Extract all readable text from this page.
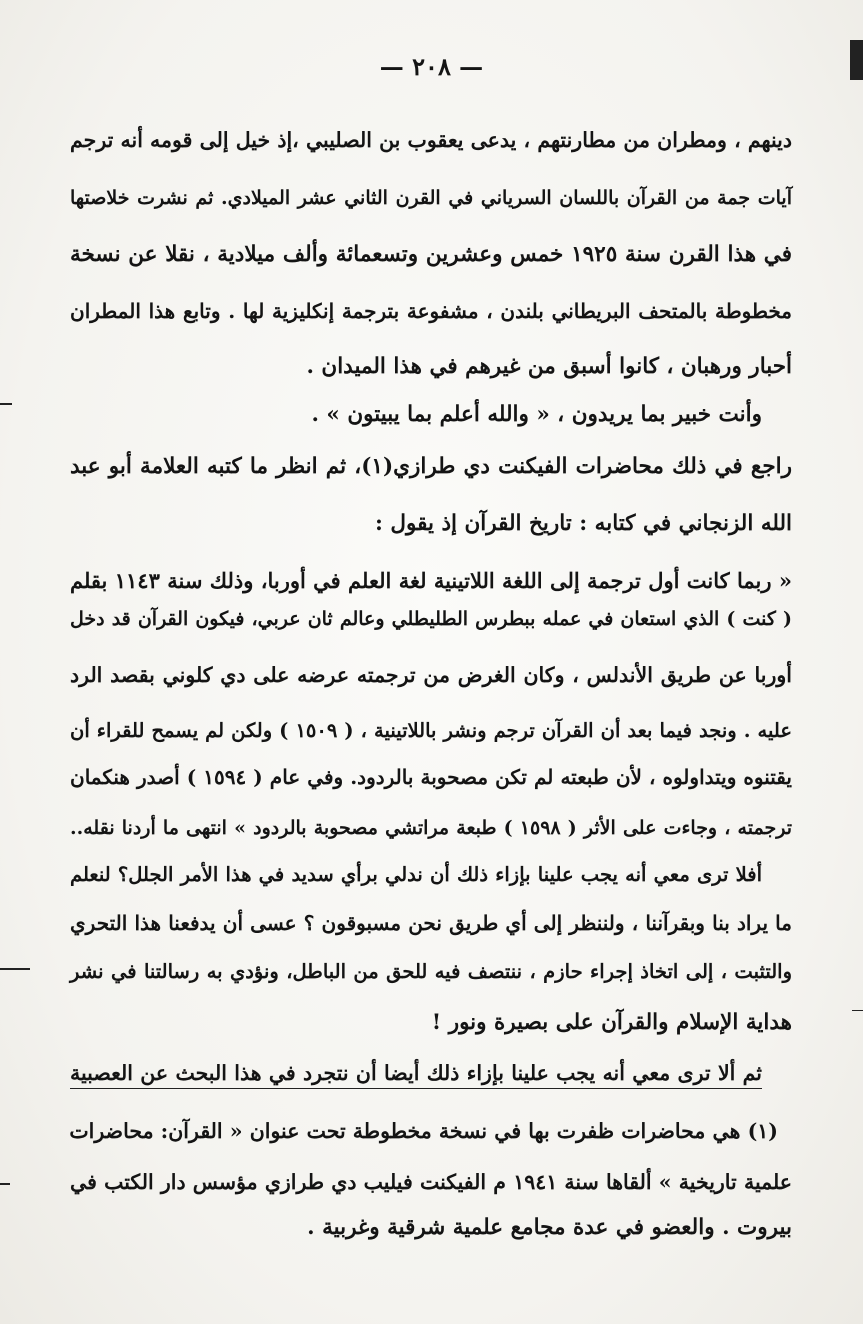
— ٢٠٨ —
دينهم ، ومطران من مطارنتهم ، يدعى يعقوب بن الصليبي ،إذ خيل إلى قومه أنه ترجم
آيات جمة من القرآن باللسان السرياني في القرن الثاني عشر الميلادي. ثم نشرت خلاصتها
في هذا القرن سنة ١٩٢٥ خمس وعشرين وتسعمائة وألف ميلادية ، نقلا عن نسخة
مخطوطة بالمتحف البريطاني بلندن ، مشفوعة بترجمة إنكليزية لها . وتابع هذا المطران
أحبار ورهبان ، كانوا أسبق من غيرهم في هذا الميدان .
وأنت خبير بما يريدون ، « والله أعلم بما يبيتون » .
راجع في ذلك محاضرات الفيكنت دي طرازي(١)، ثم انظر ما كتبه العلامة أبو عبد
الله الزنجاني في كتابه : تاريخ القرآن إذ يقول :
« ربما كانت أول ترجمة إلى اللغة اللاتينية لغة العلم في أوربا، وذلك سنة ١١٤٣ بقلم
( كنت ) الذي استعان في عمله ببطرس الطليطلي وعالم ثان عربي، فيكون القرآن قد دخل
أوربا عن طريق الأندلس ، وكان الغرض من ترجمته عرضه على دي كلوني بقصد الرد
عليه . ونجد فيما بعد أن القرآن ترجم ونشر باللاتينية ، ( ١٥٠٩ ) ولكن لم يسمح للقراء أن
يقتنوه ويتداولوه ، لأن طبعته لم تكن مصحوبة بالردود. وفي عام ( ١٥٩٤ ) أصدر هنكمان
ترجمته ، وجاءت على الأثر ( ١٥٩٨ ) طبعة مراتشي مصحوبة بالردود » انتهى ما أردنا نقله..
أفلا ترى معي أنه يجب علينا بإزاء ذلك أن ندلي برأي سديد في هذا الأمر الجلل؟ لنعلم
ما يراد بنا وبقرآننا ، ولننظر إلى أي طريق نحن مسبوقون ؟ عسى أن يدفعنا هذا التحري
والتثبت ، إلى اتخاذ إجراء حازم ، ننتصف فيه للحق من الباطل، ونؤدي به رسالتنا في نشر
هداية الإسلام والقرآن على بصيرة ونور !
ثم ألا ترى معي أنه يجب علينا بإزاء ذلك أيضا أن نتجرد في هذا البحث عن العصبية
(١) هي محاضرات ظفرت بها في نسخة مخطوطة تحت عنوان « القرآن: محاضرات
علمية تاريخية » ألقاها سنة ١٩٤١ م الفيكنت فيليب دي طرازي مؤسس دار الكتب في
بيروت . والعضو في عدة مجامع علمية شرقية وغربية .
